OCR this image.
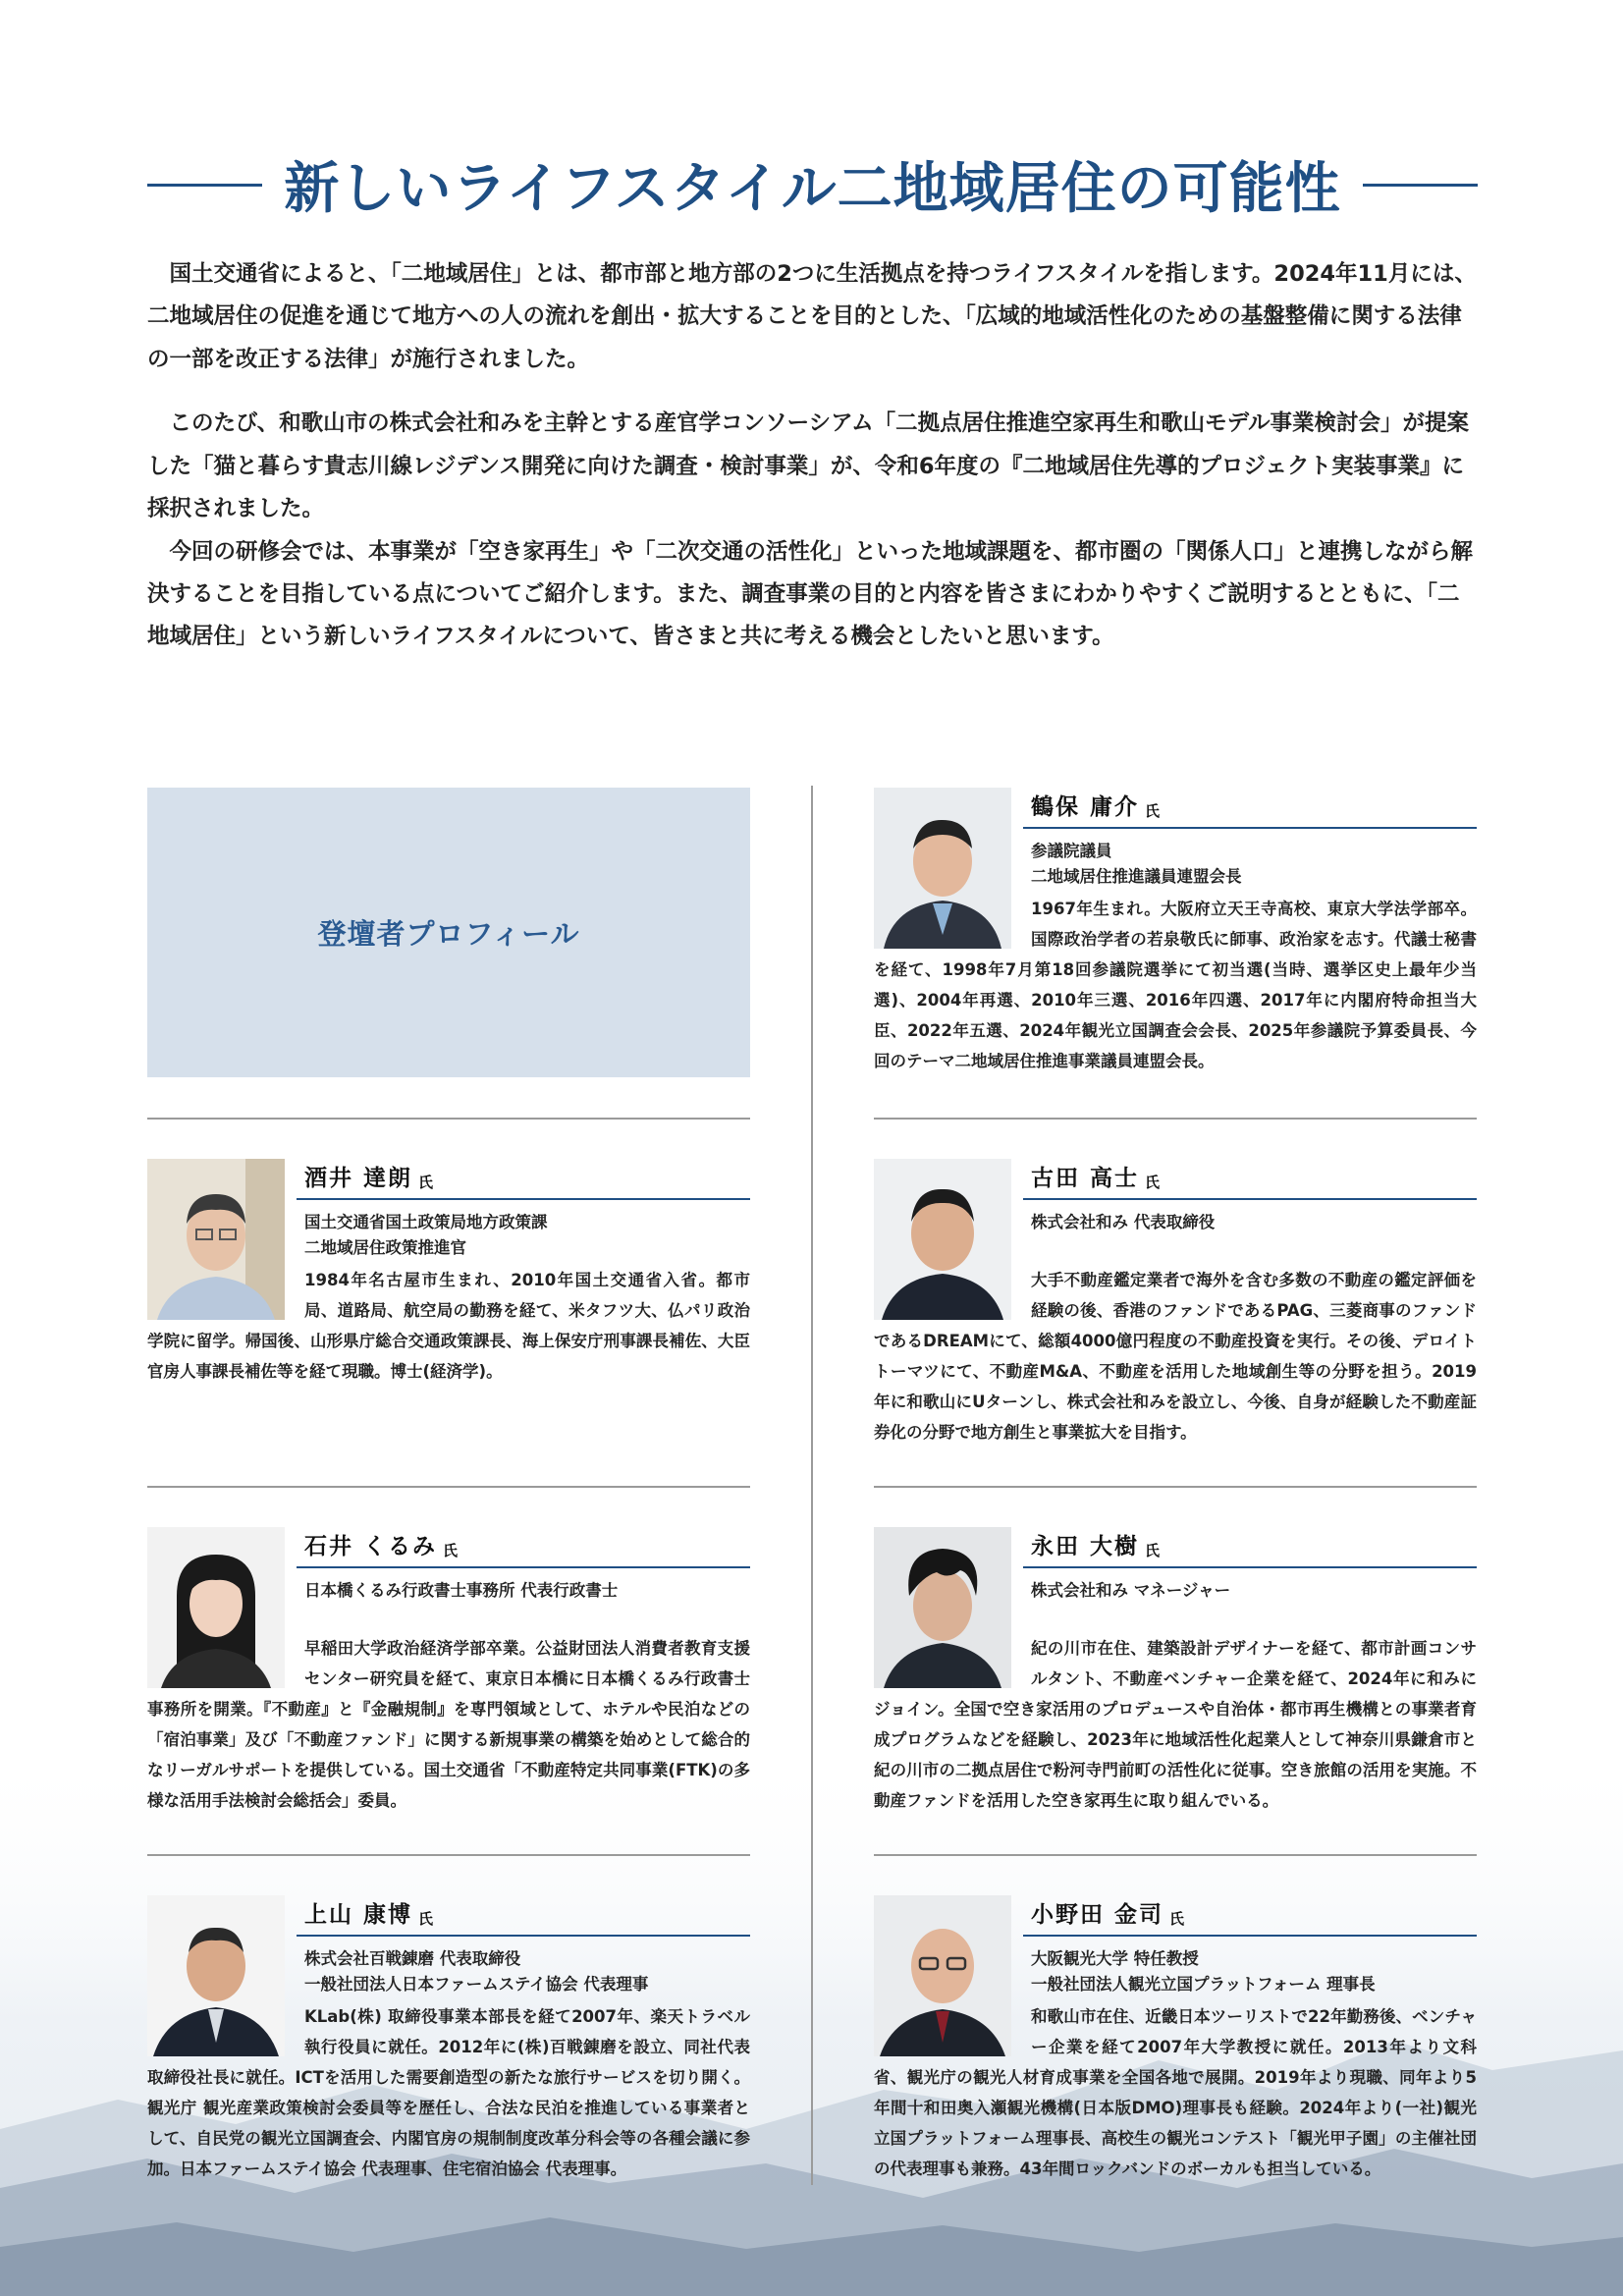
新しいライフスタイル二地域居住の可能性

国土交通省によると、「二地域居住」とは、都市部と地方部の2つに生活拠点を持つライフスタイルを指します。2024年11月には、二地域居住の促進を通じて地方への人の流れを創出・拡大することを目的とした、「広域的地域活性化のための基盤整備に関する法律の一部を改正する法律」が施行されました。

このたび、和歌山市の株式会社和みを主幹とする産官学コンソーシアム「二拠点居住推進空家再生和歌山モデル事業検討会」が提案した「猫と暮らす貴志川線レジデンス開発に向けた調査・検討事業」が、令和6年度の『二地域居住先導的プロジェクト実装事業』に採択されました。

今回の研修会では、本事業が「空き家再生」や「二次交通の活性化」といった地域課題を、都市圏の「関係人口」と連携しながら解決することを目指している点についてご紹介します。また、調査事業の目的と内容を皆さまにわかりやすくご説明するとともに、「二地域居住」という新しいライフスタイルについて、皆さまと共に考える機会としたいと思います。

登壇者プロフィール
鶴保 庸介 氏
参議院議員
二地域居住推進議員連盟会長
1967年生まれ。大阪府立天王寺高校、東京大学法学部卒。国際政治学者の若泉敬氏に師事、政治家を志す。代議士秘書を経て、1998年7月第18回参議院選挙にて初当選(当時、選挙区史上最年少当選)、2004年再選、2010年三選、2016年四選、2017年に内閣府特命担当大臣、2022年五選、2024年観光立国調査会会長、2025年参議院予算委員長、今回のテーマ二地域居住推進事業議員連盟会長。
酒井 達朗 氏
国土交通省国土政策局地方政策課
二地域居住政策推進官
1984年名古屋市生まれ、2010年国土交通省入省。都市局、道路局、航空局の勤務を経て、米タフツ大、仏パリ政治学院に留学。帰国後、山形県庁総合交通政策課長、海上保安庁刑事課長補佐、大臣官房人事課長補佐等を経て現職。博士(経済学)。
古田 高士 氏
株式会社和み 代表取締役
大手不動産鑑定業者で海外を含む多数の不動産の鑑定評価を経験の後、香港のファンドであるPAG、三菱商事のファンドであるDREAMにて、総額4000億円程度の不動産投資を実行。その後、デロイトトーマツにて、不動産M&A、不動産を活用した地域創生等の分野を担う。2019年に和歌山にUターンし、株式会社和みを設立し、今後、自身が経験した不動産証券化の分野で地方創生と事業拡大を目指す。
石井 くるみ 氏
日本橋くるみ行政書士事務所 代表行政書士
早稲田大学政治経済学部卒業。公益財団法人消費者教育支援センター研究員を経て、東京日本橋に日本橋くるみ行政書士事務所を開業。『不動産』と『金融規制』を専門領域として、ホテルや民泊などの「宿泊事業」及び「不動産ファンド」に関する新規事業の構築を始めとして総合的なリーガルサポートを提供している。国土交通省「不動産特定共同事業(FTK)の多様な活用手法検討会総括会」委員。
永田 大樹 氏
株式会社和み マネージャー
紀の川市在住、建築設計デザイナーを経て、都市計画コンサルタント、不動産ベンチャー企業を経て、2024年に和みにジョイン。全国で空き家活用のプロデュースや自治体・都市再生機構との事業者育成プログラムなどを経験し、2023年に地域活性化起業人として神奈川県鎌倉市と紀の川市の二拠点居住で粉河寺門前町の活性化に従事。空き旅館の活用を実施。不動産ファンドを活用した空き家再生に取り組んでいる。
上山 康博 氏
株式会社百戦錬磨 代表取締役
一般社団法人日本ファームステイ協会 代表理事
KLab(株) 取締役事業本部長を経て2007年、楽天トラベル執行役員に就任。2012年に(株)百戦錬磨を設立、同社代表取締役社長に就任。ICTを活用した需要創造型の新たな旅行サービスを切り開く。観光庁 観光産業政策検討会委員等を歴任し、合法な民泊を推進している事業者として、自民党の観光立国調査会、内閣官房の規制制度改革分科会等の各種会議に参加。日本ファームステイ協会 代表理事、住宅宿泊協会 代表理事。
小野田 金司 氏
大阪観光大学 特任教授
一般社団法人観光立国プラットフォーム 理事長
和歌山市在住、近畿日本ツーリストで22年勤務後、ベンチャー企業を経て2007年大学教授に就任。2013年より文科省、観光庁の観光人材育成事業を全国各地で展開。2019年より現職、同年より5年間十和田奥入瀬観光機構(日本版DMO)理事長も経験。2024年より(一社)観光立国プラットフォーム理事長、高校生の観光コンテスト「観光甲子園」の主催社団の代表理事も兼務。43年間ロックバンドのボーカルも担当している。
